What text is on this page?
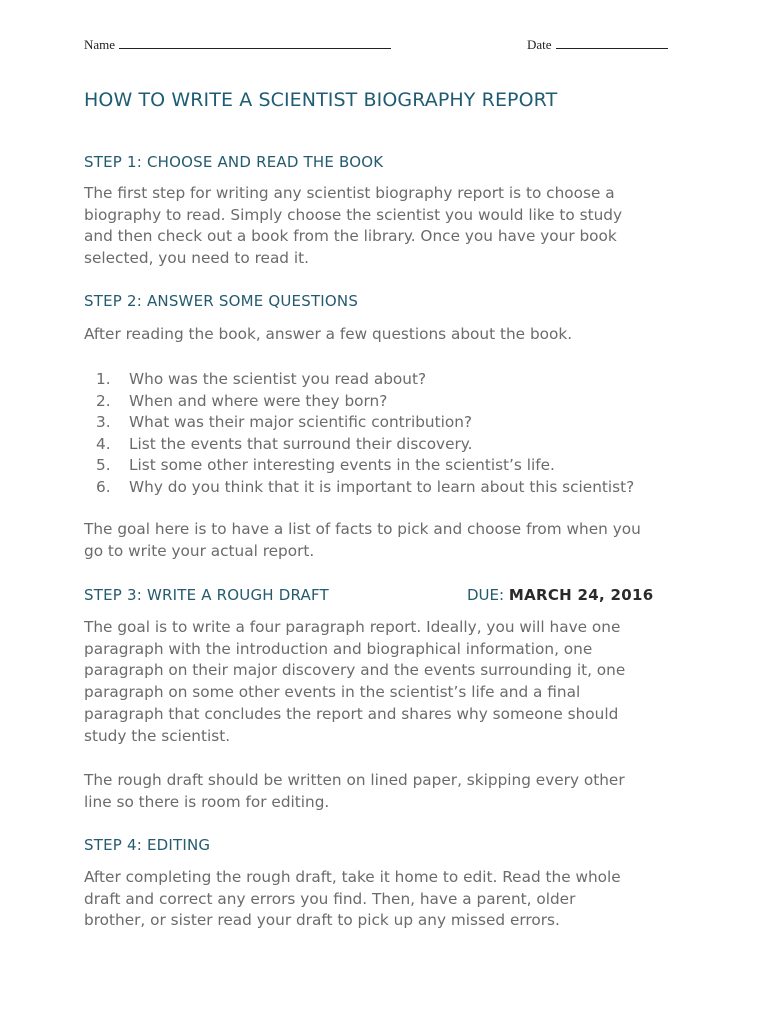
Name	Date
HOW TO WRITE A SCIENTIST BIOGRAPHY REPORT
STEP 1: CHOOSE AND READ THE BOOK
The first step for writing any scientist biography report is to choose a
biography to read. Simply choose the scientist you would like to study
and then check out a book from the library. Once you have your book
selected, you need to read it.
STEP 2: ANSWER SOME QUESTIONS
After reading the book, answer a few questions about the book.
1. Who was the scientist you read about?
2. When and where were they born?
3. What was their major scientific contribution?
4. List the events that surround their discovery.
5. List some other interesting events in the scientist’s life.
6. Why do you think that it is important to learn about this scientist?
The goal here is to have a list of facts to pick and choose from when you
go to write your actual report.
STEP 3: WRITE A ROUGH DRAFT	DUE: MARCH 24, 2016
The goal is to write a four paragraph report. Ideally, you will have one
paragraph with the introduction and biographical information, one
paragraph on their major discovery and the events surrounding it, one
paragraph on some other events in the scientist’s life and a final
paragraph that concludes the report and shares why someone should
study the scientist.
The rough draft should be written on lined paper, skipping every other
line so there is room for editing.
STEP 4: EDITING
After completing the rough draft, take it home to edit. Read the whole
draft and correct any errors you find. Then, have a parent, older
brother, or sister read your draft to pick up any missed errors.
